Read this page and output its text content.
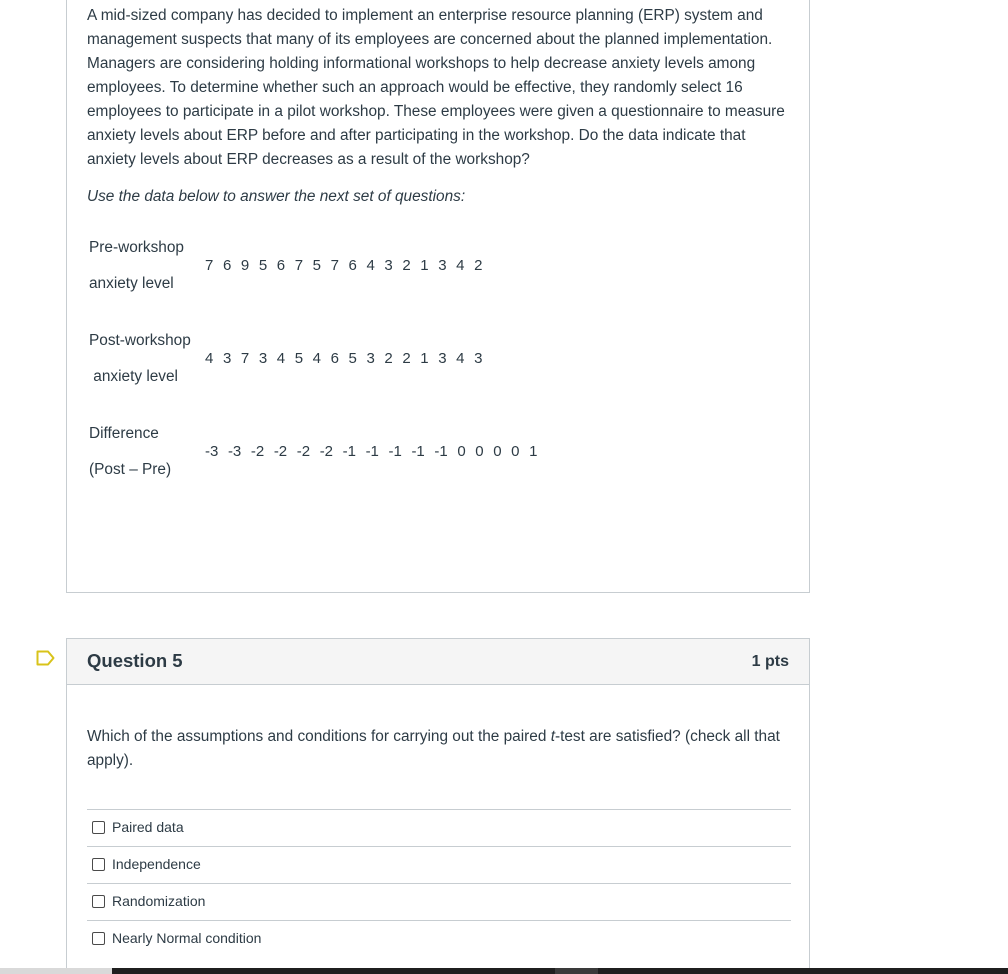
A mid-sized company has decided to implement an enterprise resource planning (ERP) system and management suspects that many of its employees are concerned about the planned implementation. Managers are considering holding informational workshops to help decrease anxiety levels among employees. To determine whether such an approach would be effective, they randomly select 16 employees to participate in a pilot workshop. These employees were given a questionnaire to measure anxiety levels about ERP before and after participating in the workshop. Do the data indicate that anxiety levels about ERP decreases as a result of the workshop?

Use the data below to answer the next set of questions:

Pre-workshop
anxiety level
7 6 9 5 6 7 5 7 6 4 3 2 1 3 4 2
Post-workshop
anxiety level
4 3 7 3 4 5 4 6 5 3 2 2 1 3 4 3
Difference
(Post – Pre)
-3 -3 -2 -2 -2 -2 -1 -1 -1 -1 -1 0 0 0 0 1
Question 5	1 pts

Which of the assumptions and conditions for carrying out the paired t-test are satisfied? (check all that apply).

Paired data
Independence
Randomization
Nearly Normal condition
